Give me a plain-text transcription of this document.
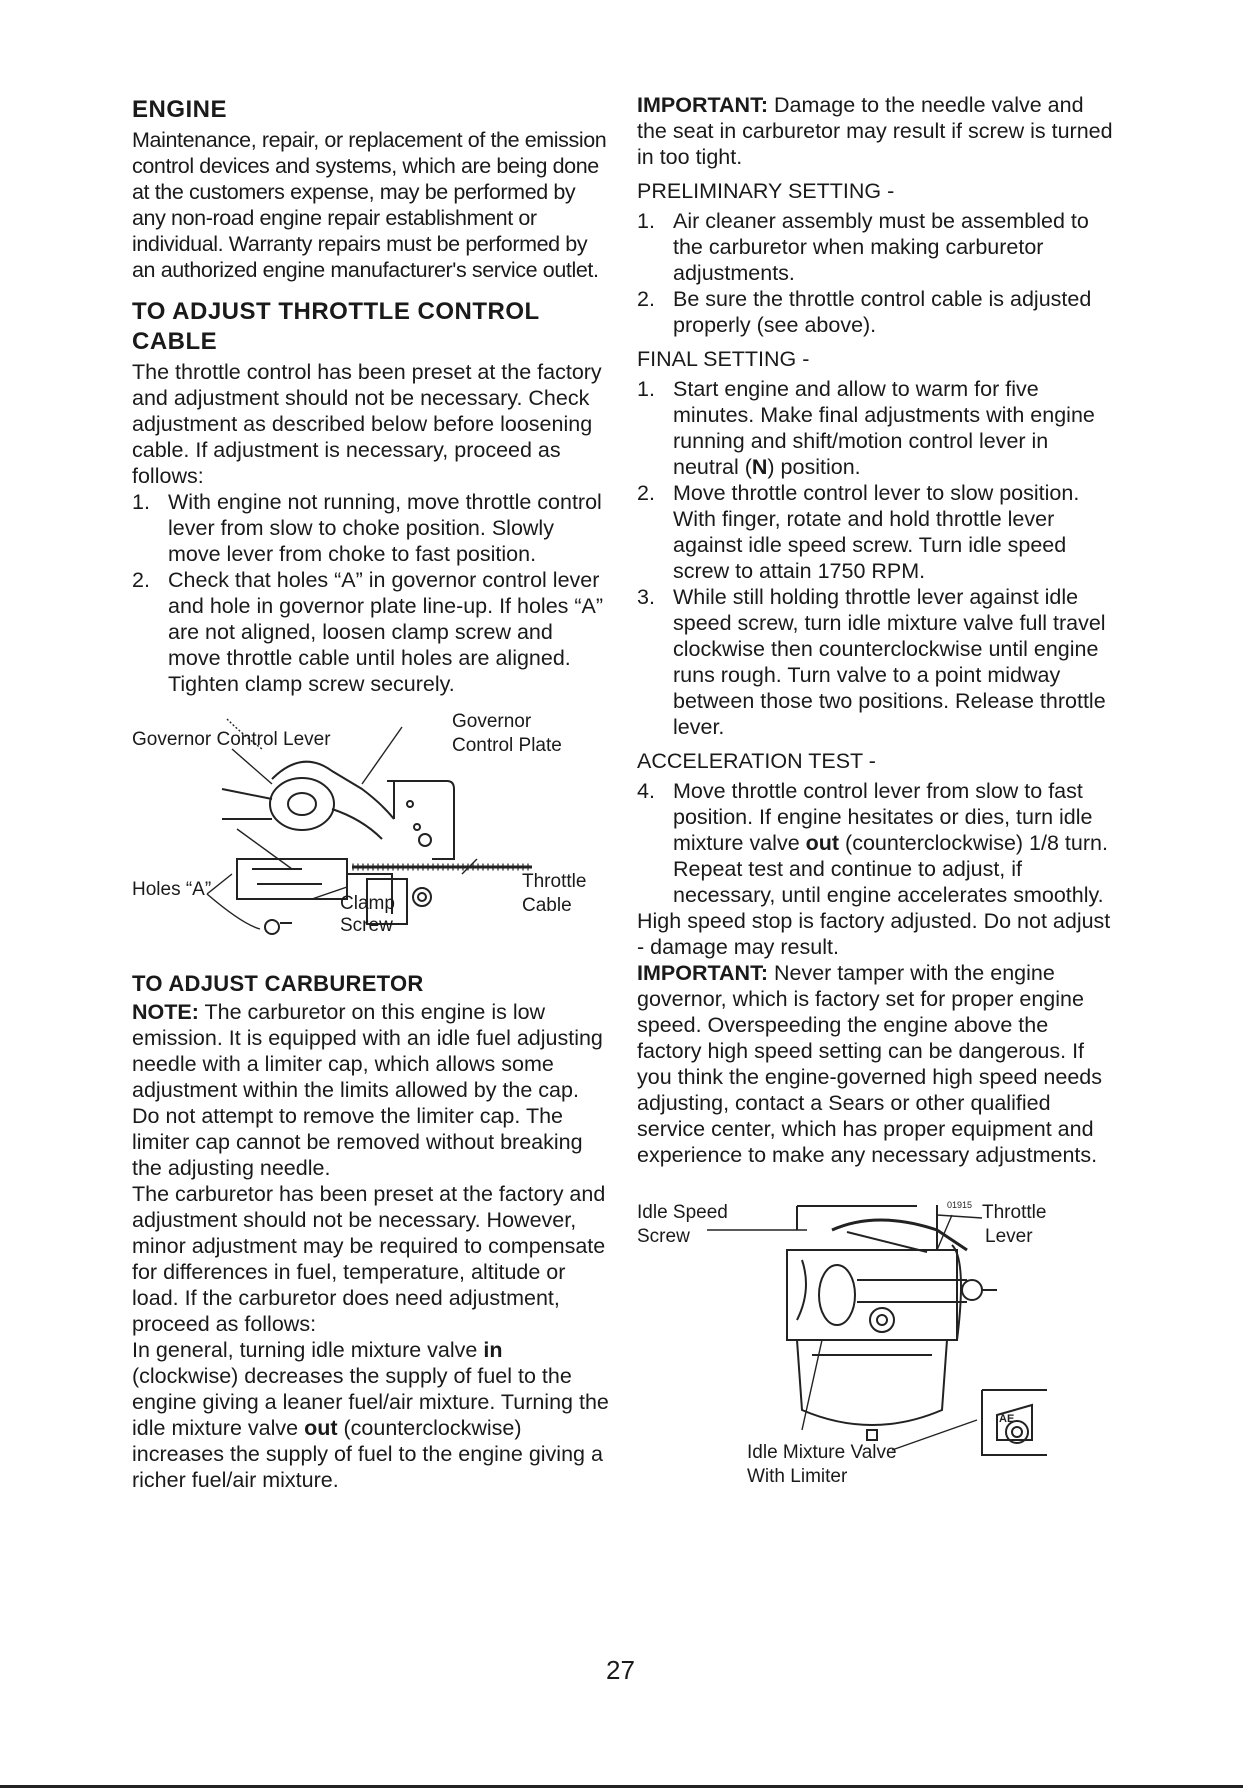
ENGINE

Maintenance, repair, or replacement of the emission control devices and systems, which are being done at the customers expense, may be performed by any non-road engine repair establishment or individual. Warranty repairs must be performed by an authorized engine manufacturer's service outlet.

TO ADJUST THROTTLE CONTROL CABLE

The throttle control has been preset at the factory and adjustment should not be necessary. Check adjustment as described below before loosening cable. If adjustment is necessary, proceed as follows:

1. With engine not running, move throttle control lever from slow to choke position. Slowly move lever from choke to fast position.
2. Check that holes “A” in governor control lever and hole in governor plate line-up. If holes “A” are not aligned, loosen clamp screw and move throttle cable until holes are aligned. Tighten clamp screw securely.
Governor Control Lever
Governor
Control Plate
Holes “A”
Clamp
Screw
Throttle
Cable
TO ADJUST CARBURETOR

NOTE: The carburetor on this engine is low emission. It is equipped with an idle fuel adjusting needle with a limiter cap, which allows some adjustment within the limits allowed by the cap. Do not attempt to remove the limiter cap. The limiter cap cannot be removed without breaking the adjusting needle.

The carburetor has been preset at the factory and adjustment should not be necessary. However, minor adjustment may be required to compensate for differences in fuel, temperature, altitude or load. If the carburetor does need adjustment, proceed as follows:

In general, turning idle mixture valve in (clockwise) decreases the supply of fuel to the engine giving a leaner fuel/air mixture. Turning the idle mixture valve out (counterclockwise) increases the supply of fuel to the engine giving a richer fuel/air mixture.

IMPORTANT: Damage to the needle valve and the seat in carburetor may result if screw is turned in too tight.

PRELIMINARY SETTING -
1. Air cleaner assembly must be assembled to the carburetor when making carburetor adjustments.
2. Be sure the throttle control cable is adjusted properly (see above).
FINAL SETTING -
1. Start engine and allow to warm for five minutes. Make final adjustments with engine running and shift/motion control lever in neutral (N) position.
2. Move throttle control lever to slow position. With finger, rotate and hold throttle lever against idle speed screw. Turn idle speed screw to attain 1750 RPM.
3. While still holding throttle lever against idle speed screw, turn idle mixture valve full travel clockwise then counterclockwise until engine runs rough. Turn valve to a point midway between those two positions. Release throttle lever.
ACCELERATION TEST -
4. Move throttle control lever from slow to fast position. If engine hesitates or dies, turn idle mixture valve out (counterclockwise) 1/8 turn. Repeat test and continue to adjust, if necessary, until engine accelerates smoothly.

High speed stop is factory adjusted. Do not adjust - damage may result.

IMPORTANT: Never tamper with the engine governor, which is factory set for proper engine speed. Overspeeding the engine above the factory high speed setting can be dangerous. If you think the engine-governed high speed needs adjusting, contact a Sears or other qualified service center, which has proper equipment and experience to make any necessary adjustments.

01915
AE
Idle Speed
Screw
Throttle
Lever
Idle Mixture Valve
With Limiter
27
